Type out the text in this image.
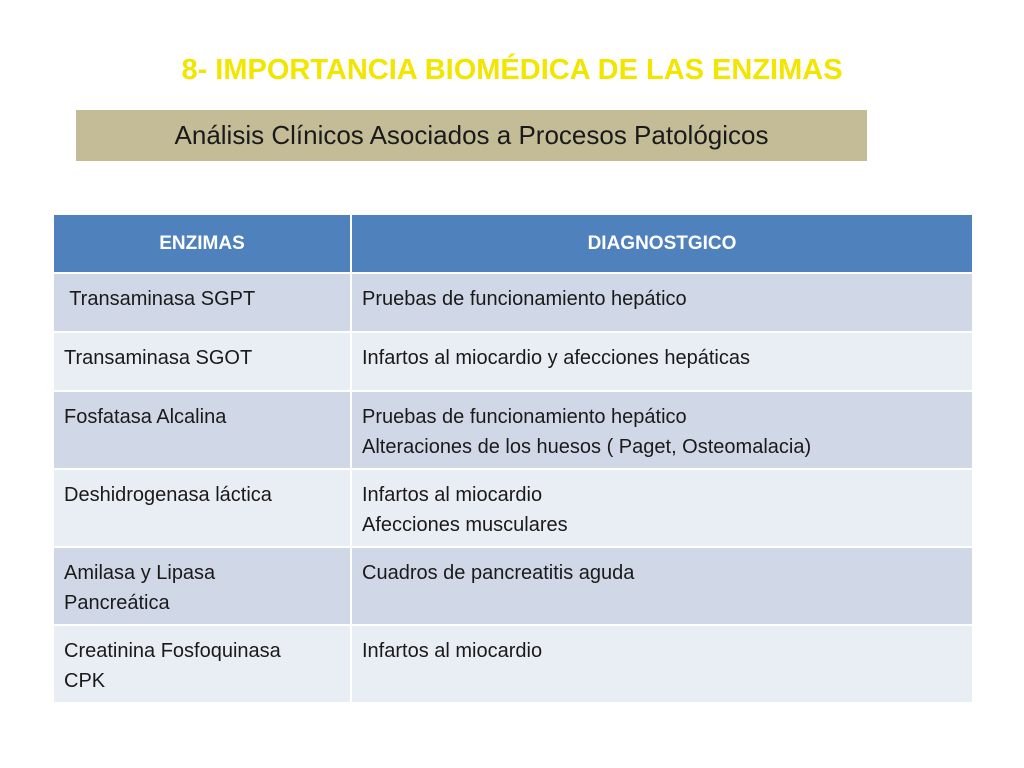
8- IMPORTANCIA BIOMÉDICA DE LAS ENZIMAS
Análisis Clínicos Asociados a Procesos Patológicos
ENZIMAS	DIAGNOSTGICO

Transaminasa SGPT	Pruebas de funcionamiento hepático

Transaminasa SGOT	Infartos al miocardio y afecciones hepáticas

Fosfatasa Alcalina	Pruebas de funcionamiento hepático
Alteraciones de los huesos ( Paget, Osteomalacia)

Deshidrogenasa láctica	Infartos al miocardio
Afecciones musculares

Amilasa y Lipasa
Pancreática	Cuadros de pancreatitis aguda

Creatinina Fosfoquinasa
CPK	Infartos al miocardio
